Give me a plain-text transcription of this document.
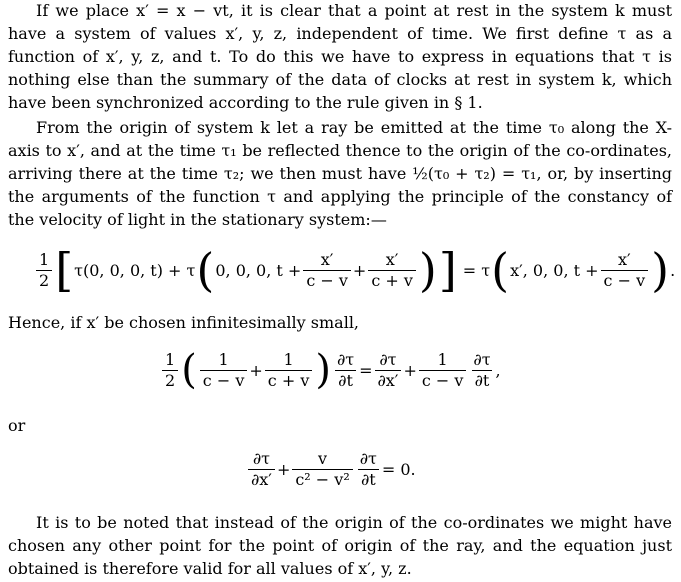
If we place x′ = x − vt, it is clear that a point at rest in the system k must have a system of values x′, y, z, independent of time. We first define τ as a function of x′, y, z, and t. To do this we have to express in equations that τ is nothing else than the summary of the data of clocks at rest in system k, which have been synchronized according to the rule given in § 1.

From the origin of system k let a ray be emitted at the time τ₀ along the X-axis to x′, and at the time τ₁ be reflected thence to the origin of the co-ordinates, arriving there at the time τ₂; we then must have ½(τ₀ + τ₂) = τ₁, or, by inserting the arguments of the function τ and applying the principle of the constancy of the velocity of light in the stationary system:—

$\frac{1}{2}$ [ τ(0, 0, 0, t) + τ ( 0, 0, 0, $t + \frac{x'}{c - v} + \frac{x'}{c + v}$ ) ] = τ ( x′, 0, 0, $t + \frac{x'}{c - v}$ ) .
Hence, if x′ be chosen infinitesimally small,
$\frac{1}{2}$ ( $\frac{1}{c - v} + \frac{1}{c + v}$ ) $\frac{\partial\tau}{\partial t} = \frac{\partial\tau}{\partial x'} + \frac{1}{c - v} \frac{\partial\tau}{\partial t}$ ,
or
$\frac{\partial\tau}{\partial x'} + \frac{v}{\text{c² − v²}} \frac{\partial\tau}{\partial t} = 0$.

It is to be noted that instead of the origin of the co-ordinates we might have chosen any other point for the point of origin of the ray, and the equation just obtained is therefore valid for all values of x′, y, z.
